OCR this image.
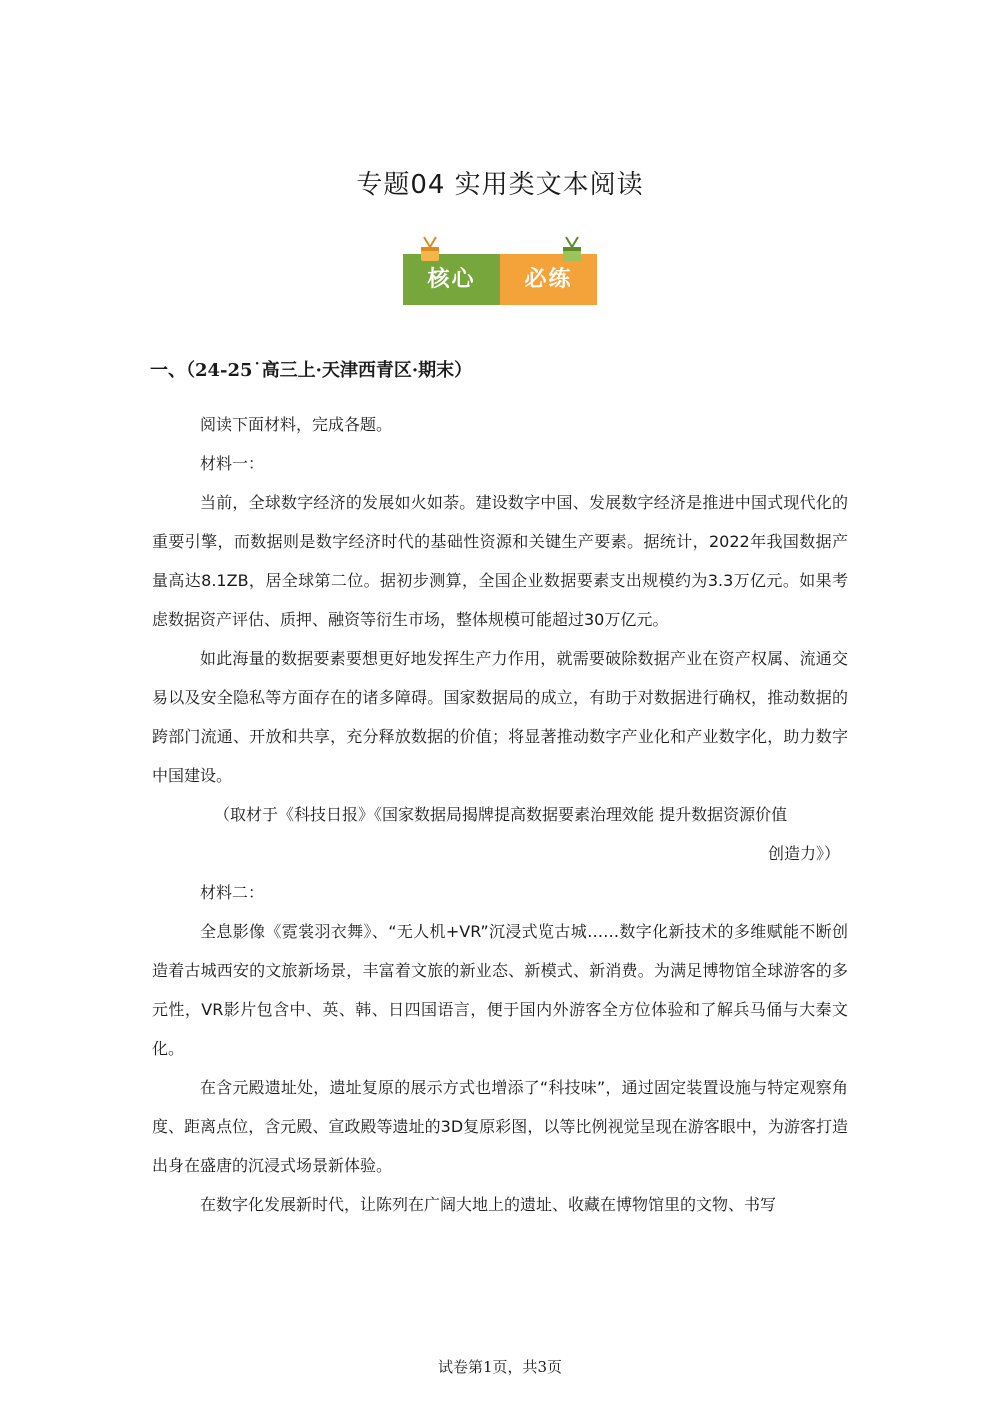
专题04 实用类文本阅读
核心	必练
一、（24-25˙高三上·天津西青区·期末）

阅读下面材料，完成各题。

材料一：

当前，全球数字经济的发展如火如荼。建设数字中国、发展数字经济是推进中国式现代化的重要引擎，而数据则是数字经济时代的基础性资源和关键生产要素。据统计，2022年我国数据产量高达8.1ZB，居全球第二位。据初步测算，全国企业数据要素支出规模约为3.3万亿元。如果考虑数据资产评估、质押、融资等衍生市场，整体规模可能超过30万亿元。

如此海量的数据要素要想更好地发挥生产力作用，就需要破除数据产业在资产权属、流通交易以及安全隐私等方面存在的诸多障碍。国家数据局的成立，有助于对数据进行确权，推动数据的跨部门流通、开放和共享，充分释放数据的价值；将显著推动数字产业化和产业数字化，助力数字中国建设。

（取材于《科技日报》《国家数据局揭牌提高数据要素治理效能 提升数据资源价值
创造力》）

材料二：

全息影像《霓裳羽衣舞》、“无人机+VR”沉浸式览古城……数字化新技术的多维赋能不断创造着古城西安的文旅新场景，丰富着文旅的新业态、新模式、新消费。为满足博物馆全球游客的多元性，VR影片包含中、英、韩、日四国语言，便于国内外游客全方位体验和了解兵马俑与大秦文化。

在含元殿遗址处，遗址复原的展示方式也增添了“科技味”，通过固定装置设施与特定观察角度、距离点位，含元殿、宣政殿等遗址的3D复原彩图，以等比例视觉呈现在游客眼中，为游客打造出身在盛唐的沉浸式场景新体验。

在数字化发展新时代，让陈列在广阔大地上的遗址、收藏在博物馆里的文物、书写

试卷第1页，共3页
